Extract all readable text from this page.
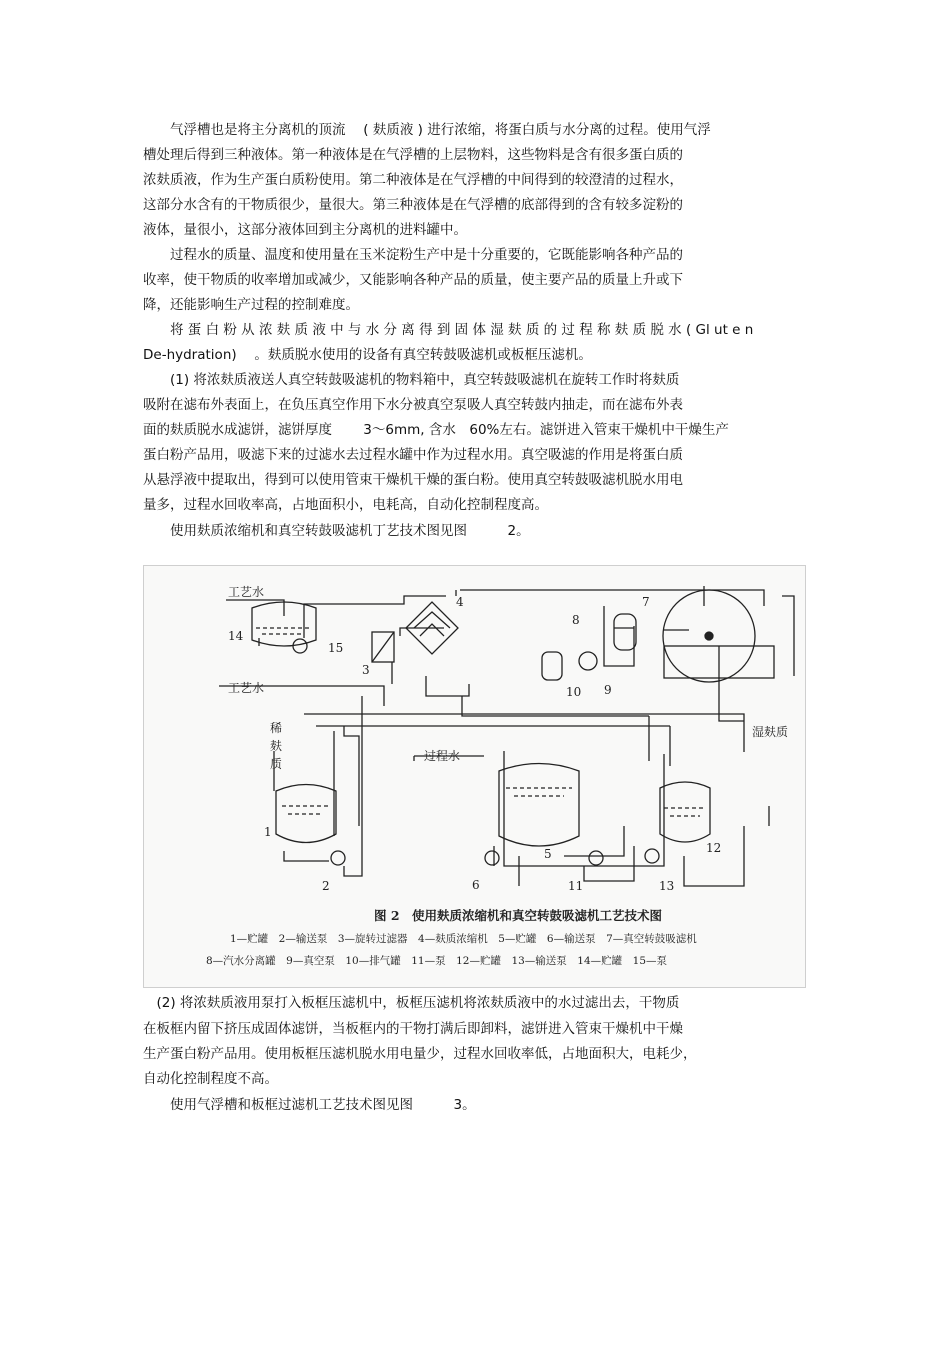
　　气浮槽也是将主分离机的顶流　 ( 麸质液 ) 进行浓缩，将蛋白质与水分离的过程。使用气浮
槽处理后得到三种液体。第一种液体是在气浮槽的上层物料，这些物料是含有很多蛋白质的
浓麸质液，作为生产蛋白质粉使用。第二种液体是在气浮槽的中间得到的较澄清的过程水，
这部分水含有的干物质很少，量很大。第三种液体是在气浮槽的底部得到的含有较多淀粉的
液体，量很小，这部分液体回到主分离机的进料罐中。
　　过程水的质量、温度和使用量在玉米淀粉生产中是十分重要的，它既能影响各种产品的
收率，使干物质的收率增加或减少，又能影响各种产品的质量，使主要产品的质量上升或下
降，还能影响生产过程的控制难度。
　　将 蛋 白 粉 从 浓 麸 质 液 中 与 水 分 离 得 到 固 体 湿 麸 质 的 过 程 称 麸 质 脱 水 ( Gl ut e n
De-hydration)　 。麸质脱水使用的设备有真空转鼓吸滤机或板框压滤机。
　　(1) 将浓麸质液送人真空转鼓吸滤机的物料箱中，真空转鼓吸滤机在旋转工作时将麸质
吸附在滤布外表面上，在负压真空作用下水分被真空泵吸人真空转鼓内抽走，而在滤布外表
面的麸质脱水成滤饼，滤饼厚度　　 3～6mm, 含水　60%左右。滤饼进入管束干燥机中干燥生产
蛋白粉产品用，吸滤下来的过滤水去过程水罐中作为过程水用。真空吸滤的作用是将蛋白质
从悬浮液中提取出，得到可以使用管束干燥机干燥的蛋白粉。使用真空转鼓吸滤机脱水用电
量多，过程水回收率高，占地面积小，电耗高，自动化控制程度高。
　　使用麸质浓缩机和真空转鼓吸滤机丁艺技术图见图　　　2。
工艺水
工艺水
稀
麸
质
过程水
湿麸质
1
2
3
4
5
6
7
8
9
10
11
12
13
14
15
图 2　使用麸质浓缩机和真空转鼓吸滤机工艺技术图
1—贮罐　2—输送泵　3—旋转过滤器　4—麸质浓缩机　5—贮罐　6—输送泵　7—真空转鼓吸滤机
8—汽水分离罐　9—真空泵　10—排气罐　11—泵　12—贮罐　13—输送泵　14—贮罐　15—泵
　(2) 将浓麸质液用泵打入板框压滤机中，板框压滤机将浓麸质液中的水过滤出去，干物质
在板框内留下挤压成固体滤饼，当板框内的干物打满后即卸料，滤饼进入管束干燥机中干燥
生产蛋白粉产品用。使用板框压滤机脱水用电量少，过程水回收率低，占地面积大，电耗少，
自动化控制程度不高。
　　使用气浮槽和板框过滤机工艺技术图见图　　　3。
